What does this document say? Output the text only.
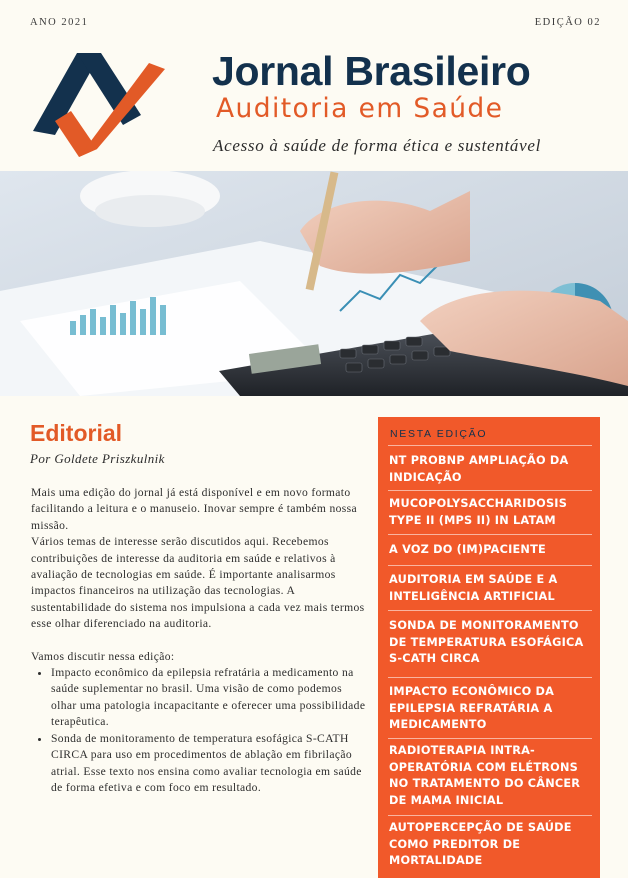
ANO 2021	EDIÇÃO 02
Jornal Brasileiro
Auditoria em Saúde
Acesso à saúde de forma ética e sustentável
Editorial
Por Goldete Priszkulnik

Mais uma edição do jornal já está disponível e em novo formato facilitando a leitura e o manuseio. Inovar sempre é também nossa missão.

Vários temas de interesse serão discutidos aqui. Recebemos contribuições de interesse da auditoria em saúde e relativos à avaliação de tecnologias em saúde. É importante analisarmos impactos financeiros na utilização das tecnologias. A sustentabilidade do sistema nos impulsiona a cada vez mais termos esse olhar diferenciado na auditoria.

Vamos discutir nessa edição:

• Impacto econômico da epilepsia refratária a medicamento na saúde suplementar no brasil. Uma visão de como podemos olhar uma patologia incapacitante e oferecer uma possibilidade terapêutica.
• Sonda de monitoramento de temperatura esofágica S-CATH CIRCA para uso em procedimentos de ablação em fibrilação atrial. Esse texto nos ensina como avaliar tecnologia em saúde de forma efetiva e com foco em resultado.
NESTA EDIÇÃO
NT PROBNP AMPLIAÇÃO DA INDICAÇÃO
MUCOPOLYSACCHARIDOSIS TYPE II (MPS II) IN LATAM
A VOZ DO (IM)PACIENTE
AUDITORIA EM SAÚDE E A INTELIGÊNCIA ARTIFICIAL
SONDA DE MONITORAMENTO DE TEMPERATURA ESOFÁGICA S-CATH CIRCA
IMPACTO ECONÔMICO DA EPILEPSIA REFRATÁRIA A MEDICAMENTO
RADIOTERAPIA INTRA-OPERATÓRIA COM ELÉTRONS NO TRATAMENTO DO CÂNCER DE MAMA INICIAL
AUTOPERCEPÇÃO DE SAÚDE COMO PREDITOR DE MORTALIDADE
